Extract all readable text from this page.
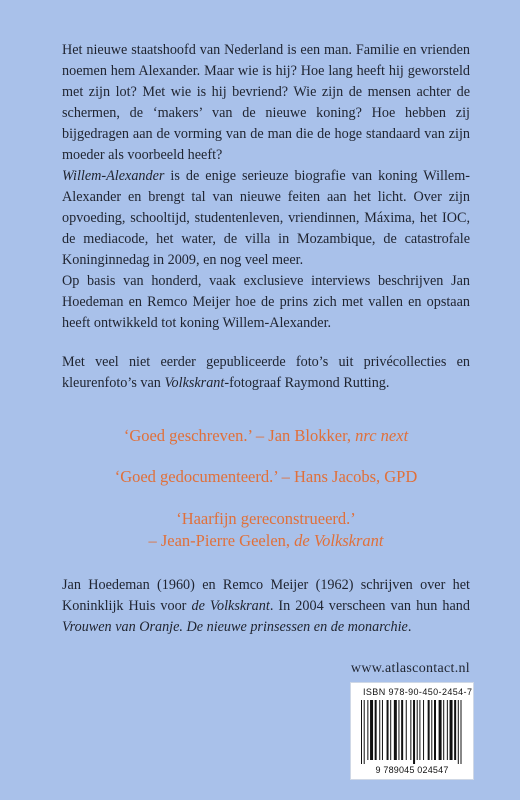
Het nieuwe staatshoofd van Nederland is een man. Familie en vrienden noemen hem Alexander. Maar wie is hij? Hoe lang heeft hij geworsteld met zijn lot? Met wie is hij bevriend? Wie zijn de mensen achter de schermen, de ‘makers’ van de nieuwe koning? Hoe hebben zij bijgedragen aan de vorming van de man die de hoge standaard van zijn moeder als voorbeeld heeft?

Willem-Alexander is de enige serieuze biografie van koning Willem-Alexander en brengt tal van nieuwe feiten aan het licht. Over zijn opvoeding, schooltijd, studentenleven, vriendinnen, Máxima, het IOC, de mediacode, het water, de villa in Mozambique, de catastrofale Koninginnedag in 2009, en nog veel meer.

Op basis van honderd, vaak exclusieve interviews beschrijven Jan Hoedeman en Remco Meijer hoe de prins zich met vallen en opstaan heeft ontwikkeld tot koning Willem-Alexander.

Met veel niet eerder gepubliceerde foto’s uit privécollecties en kleurenfoto’s van Volkskrant-fotograaf Raymond Rutting.

‘Goed geschreven.’ – Jan Blokker, nrc next
‘Goed gedocumenteerd.’ – Hans Jacobs, GPD
‘Haarfijn gereconstrueerd.’
– Jean-Pierre Geelen, de Volkskrant
Jan Hoedeman (1960) en Remco Meijer (1962) schrijven over het Koninklijk Huis voor de Volkskrant. In 2004 verscheen van hun hand Vrouwen van Oranje. De nieuwe prinsessen en de monarchie.
www.atlascontact.nl
ISBN 978-90-450-2454-7
9 789045 024547
